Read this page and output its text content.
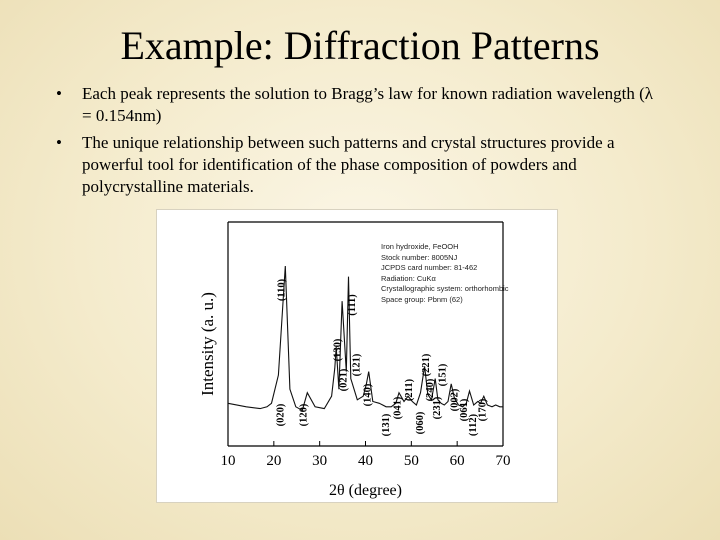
Example: Diffraction Patterns
• Each peak represents the solution to Bragg’s law for known radiation wavelength (λ = 0.154nm)
• The unique relationship between such patterns and crystal structures provide a powerful tool for identification of the phase composition of powders and polycrystalline materials.
10 20 30 40 50 60 70
2θ (degree)
Intensity (a. u.)
(020) (120)
(110)
(130)
(111)
(021)
(121)
(140)
(131)
(041)
(211)
(060)
(221)
(240)
(231)
(151)
(002)
(061)
(112)
(170)
Iron hydroxide, FeOOH
Stock number: 8005NJ
JCPDS card number: 81-462
Radiation: CuKα
Crystallographic system: orthorhombic
Space group: Pbnm (62)
